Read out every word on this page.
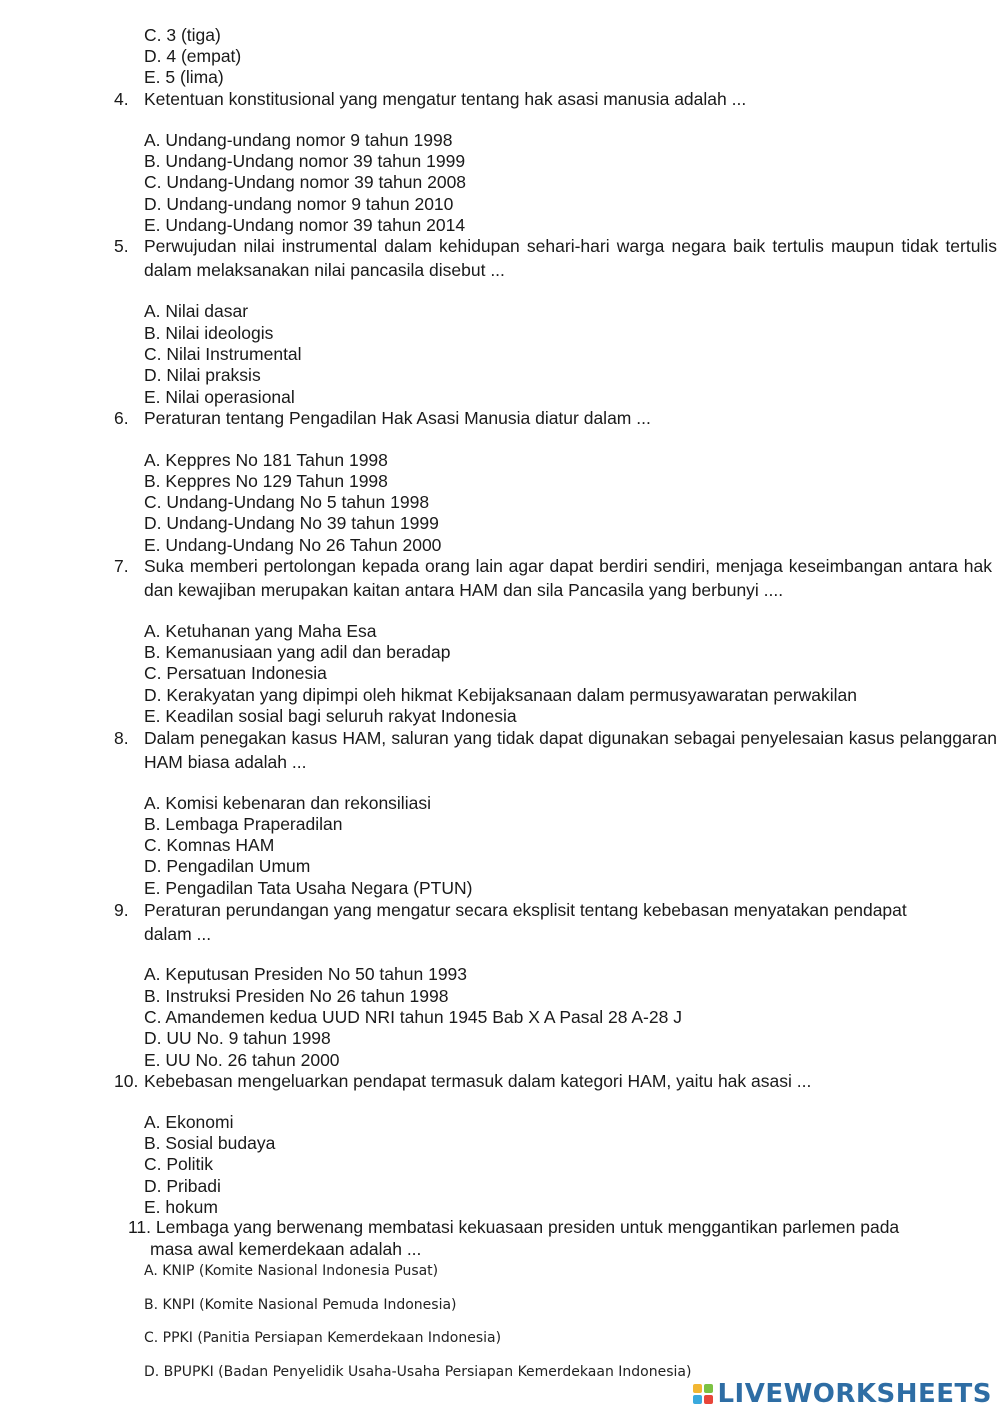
C. 3 (tiga)
D. 4 (empat)
E. 5 (lima)
4. Ketentuan konstitusional yang mengatur tentang hak asasi manusia adalah ...
A. Undang-undang nomor 9 tahun 1998
B. Undang-Undang nomor 39 tahun 1999
C. Undang-Undang nomor 39 tahun 2008
D. Undang-undang nomor 9 tahun 2010
E. Undang-Undang nomor 39 tahun 2014
5. Perwujudan nilai instrumental dalam kehidupan sehari-hari warga negara baik tertulis maupun tidak tertulis dalam melaksanakan nilai pancasila disebut ...
A. Nilai dasar
B. Nilai ideologis
C. Nilai Instrumental
D. Nilai praksis
E. Nilai operasional
6. Peraturan tentang Pengadilan Hak Asasi Manusia diatur dalam ...
A. Keppres No 181 Tahun 1998
B. Keppres No 129 Tahun 1998
C. Undang-Undang No 5 tahun 1998
D. Undang-Undang No 39 tahun 1999
E. Undang-Undang No 26 Tahun 2000
7. Suka memberi pertolongan kepada orang lain agar dapat berdiri sendiri, menjaga keseimbangan antara hak dan kewajiban merupakan kaitan antara HAM dan sila Pancasila yang berbunyi ....
A. Ketuhanan yang Maha Esa
B. Kemanusiaan yang adil dan beradap
C. Persatuan Indonesia
D. Kerakyatan yang dipimpi oleh hikmat Kebijaksanaan dalam permusyawaratan perwakilan
E. Keadilan sosial bagi seluruh rakyat Indonesia
8. Dalam penegakan kasus HAM, saluran yang tidak dapat digunakan sebagai penyelesaian kasus pelanggaran HAM biasa adalah ...
A. Komisi kebenaran dan rekonsiliasi
B. Lembaga Praperadilan
C. Komnas HAM
D. Pengadilan Umum
E. Pengadilan Tata Usaha Negara (PTUN)
9. Peraturan perundangan yang mengatur secara eksplisit tentang kebebasan menyatakan pendapat dalam ...
A. Keputusan Presiden No 50 tahun 1993
B. Instruksi Presiden No 26 tahun 1998
C. Amandemen kedua UUD NRI tahun 1945 Bab X A Pasal 28 A-28 J
D. UU No. 9 tahun 1998
E. UU No. 26 tahun 2000
10. Kebebasan mengeluarkan pendapat termasuk dalam kategori HAM, yaitu hak asasi ...
A. Ekonomi
B. Sosial budaya
C. Politik
D. Pribadi
E. hokum
11. Lembaga yang berwenang membatasi kekuasaan presiden untuk menggantikan parlemen pada
masa awal kemerdekaan adalah ...
A. KNIP (Komite Nasional Indonesia Pusat)
B. KNPI (Komite Nasional Pemuda Indonesia)
C. PPKI (Panitia Persiapan Kemerdekaan Indonesia)
D. BPUPKI (Badan Penyelidik Usaha-Usaha Persiapan Kemerdekaan Indonesia)
LIVEWORKSHEETS
